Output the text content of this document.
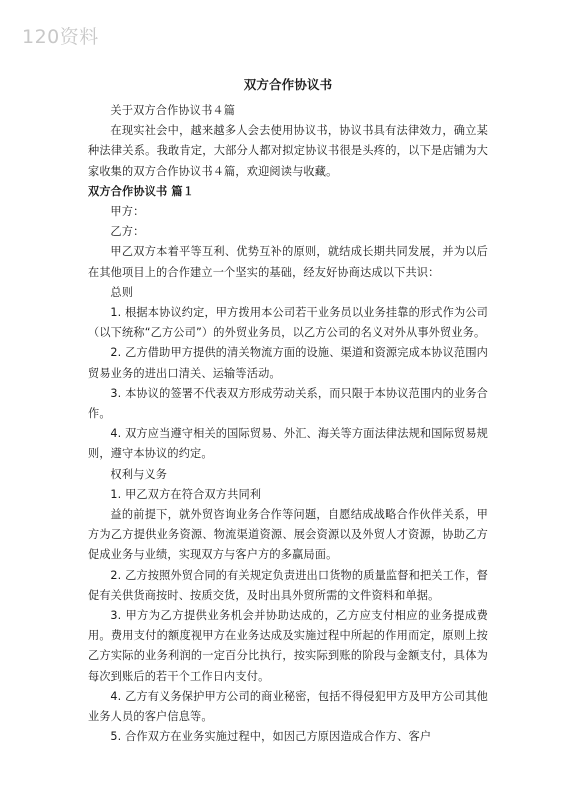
120资料
双方合作协议书

关于双方合作协议书４篇

在现实社会中，越来越多人会去使用协议书，协议书具有法律效力，确立某种法律关系。我敢肯定，大部分人都对拟定协议书很是头疼的，以下是店铺为大家收集的双方合作协议书４篇，欢迎阅读与收藏。

双方合作协议书 篇１

甲方：

乙方：

甲乙双方本着平等互利、优势互补的原则，就结成长期共同发展，并为以后在其他项目上的合作建立一个坚实的基础，经友好协商达成以下共识：

总则

1. 根据本协议约定，甲方拨用本公司若干业务员以业务挂靠的形式作为公司（以下统称“乙方公司”）的外贸业务员，以乙方公司的名义对外从事外贸业务。

2. 乙方借助甲方提供的清关物流方面的设施、渠道和资源完成本协议范围内贸易业务的进出口清关、运输等活动。

3. 本协议的签署不代表双方形成劳动关系，而只限于本协议范围内的业务合作。

4. 双方应当遵守相关的国际贸易、外汇、海关等方面法律法规和国际贸易规则，遵守本协议的约定。

权利与义务

1. 甲乙双方在符合双方共同利

益的前提下，就外贸咨询业务合作等问题，自愿结成战略合作伙伴关系，甲方为乙方提供业务资源、物流渠道资源、展会资源以及外贸人才资源，协助乙方促成业务与业绩，实现双方与客户方的多赢局面。

2. 乙方按照外贸合同的有关规定负责进出口货物的质量监督和把关工作，督促有关供货商按时、按质交货，及时出具外贸所需的文件资料和单据。

3. 甲方为乙方提供业务机会并协助达成的，乙方应支付相应的业务提成费用。费用支付的额度视甲方在业务达成及实施过程中所起的作用而定，原则上按乙方实际的业务利润的一定百分比执行，按实际到账的阶段与金额支付，具体为每次到账后的若干个工作日内支付。

4. 乙方有义务保护甲方公司的商业秘密，包括不得侵犯甲方及甲方公司其他业务人员的客户信息等。

5. 合作双方在业务实施过程中，如因己方原因造成合作方、客户
